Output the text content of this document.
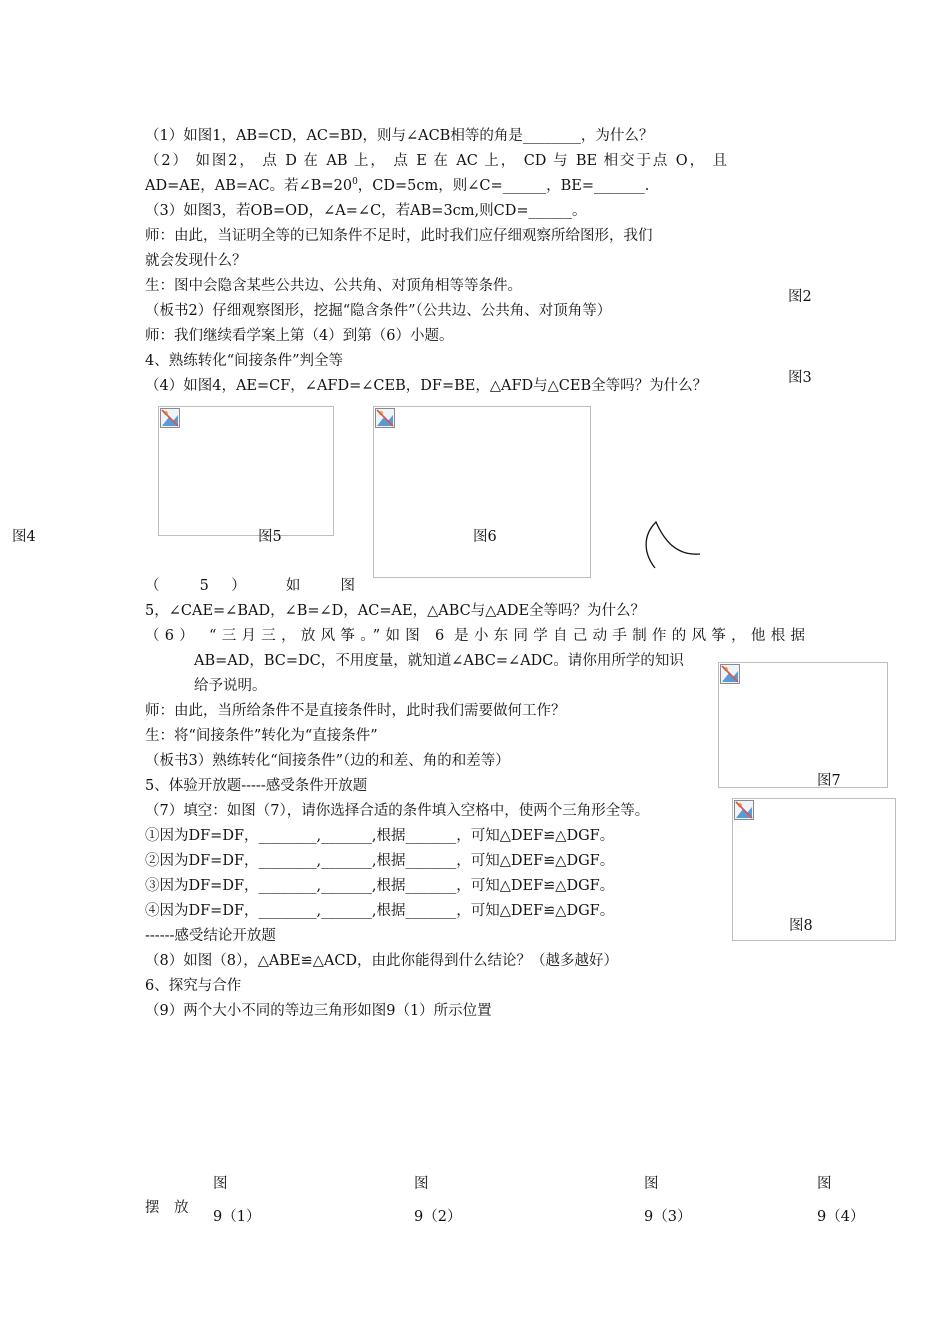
（1）如图1，AB=CD，AC=BD，则与∠ACB相等的角是________，为什么？
（2） 如图2， 点 D 在 AB 上， 点 E 在 AC 上， CD 与 BE 相交于点 O， 且
AD=AE，AB=AC。若$\angle B=20^0$，CD=5cm，则∠C=______，BE=_______.
（3）如图3，若OB=OD，∠A=∠C，若AB=3cm,则CD=______。
师：由此，当证明全等的已知条件不足时，此时我们应仔细观察所给图形，我们
就会发现什么？
生：图中会隐含某些公共边、公共角、对顶角相等等条件。
（板书2）仔细观察图形，挖掘“隐含条件”（公共边、公共角、对顶角等）
师：我们继续看学案上第（4）到第（6）小题。
4、熟练转化“间接条件”判全等
（4）如图4，AE=CF，∠AFD=∠CEB，DF=BE，△AFD与△CEB全等吗？为什么？
图2
图3
图4	图5	图6
（ 5 ） 如 图
5，∠CAE=∠BAD，∠B=∠D，AC=AE，△ABC与△ADE全等吗？为什么？
（6） “三月三，放风筝。”如图 6 是小东同学自己动手制作的风筝，他根据
AB=AD，BC=DC，不用度量，就知道∠ABC=∠ADC。请你用所学的知识
给予说明。
图7
师：由此，当所给条件不是直接条件时，此时我们需要做何工作？
生：将“间接条件”转化为“直接条件”
（板书3）熟练转化“间接条件”（边的和差、角的和差等）
5、体验开放题-----感受条件开放题
（7）填空：如图（7），请你选择合适的条件填入空格中，使两个三角形全等。
①因为DF=DF，________,_______,根据_______，可知△DEF≌△DGF。
②因为DF=DF，________,_______,根据_______，可知△DEF≌△DGF。
③因为DF=DF，________,_______,根据_______，可知△DEF≌△DGF。
④因为DF=DF，________,_______,根据_______，可知△DEF≌△DGF。
图8
------感受结论开放题
（8）如图（8），△ABE≌△ACD，由此你能得到什么结论？（越多越好）
6、探究与合作
（9）两个大小不同的等边三角形如图9（1）所示位置
图	图	图	图
摆　放
9（1）	9（2）	9（3）	9（4）
